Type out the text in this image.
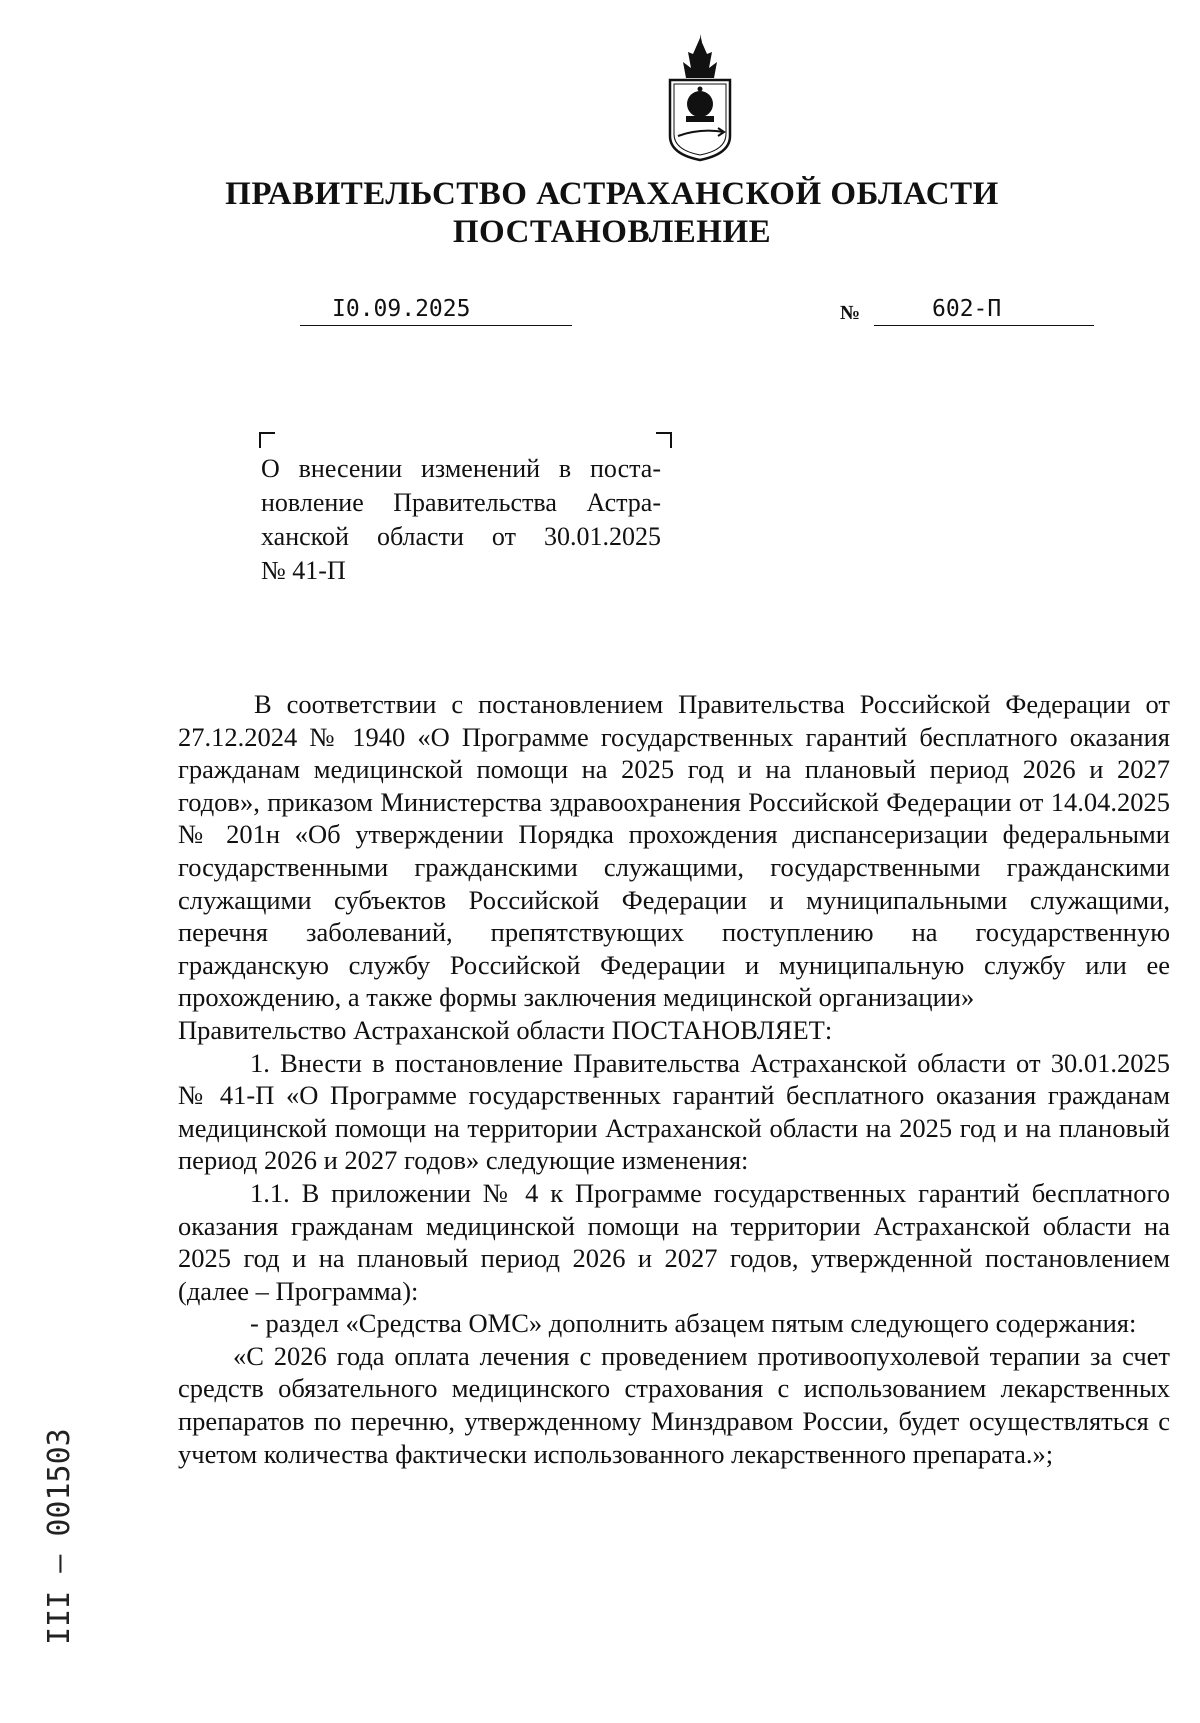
ПРАВИТЕЛЬСТВО АСТРАХАНСКОЙ ОБЛАСТИ
ПОСТАНОВЛЕНИЕ
I0.09.2025	№	602-П
О внесении изменений в поста-
новление Правительства Астра-
ханской области от 30.01.2025
№ 41-П

В соответствии с постановлением Правительства Российской Федерации от 27.12.2024 № 1940 «О Программе государственных гарантий бесплатного оказания гражданам медицинской помощи на 2025 год и на плановый период 2026 и 2027 годов», приказом Министерства здравоохранения Российской Федерации от 14.04.2025 № 201н «Об утверждении Порядка прохождения диспансеризации федеральными государственными гражданскими служащими, государственными гражданскими служащими субъектов Российской Федерации и муниципальными служащими, перечня заболеваний, препятствующих поступлению на государственную гражданскую службу Российской Федерации и муниципальную службу или ее прохождению, а также формы заключения медицинской организации»

Правительство Астраханской области ПОСТАНОВЛЯЕТ:

1. Внести в постановление Правительства Астраханской области от 30.01.2025 № 41-П «О Программе государственных гарантий бесплатного оказания гражданам медицинской помощи на территории Астраханской области на 2025 год и на плановый период 2026 и 2027 годов» следующие изменения:

1.1. В приложении № 4 к Программе государственных гарантий бесплатного оказания гражданам медицинской помощи на территории Астраханской области на 2025 год и на плановый период 2026 и 2027 годов, утвержденной постановлением (далее – Программа):

- раздел «Средства ОМС» дополнить абзацем пятым следующего содержания:

«С 2026 года оплата лечения с проведением противоопухолевой терапии за счет средств обязательного медицинского страхования с использованием лекарственных препаратов по перечню, утвержденному Минздравом России, будет осуществляться с учетом количества фактически использованного лекарственного препарата.»;

III – 001503
